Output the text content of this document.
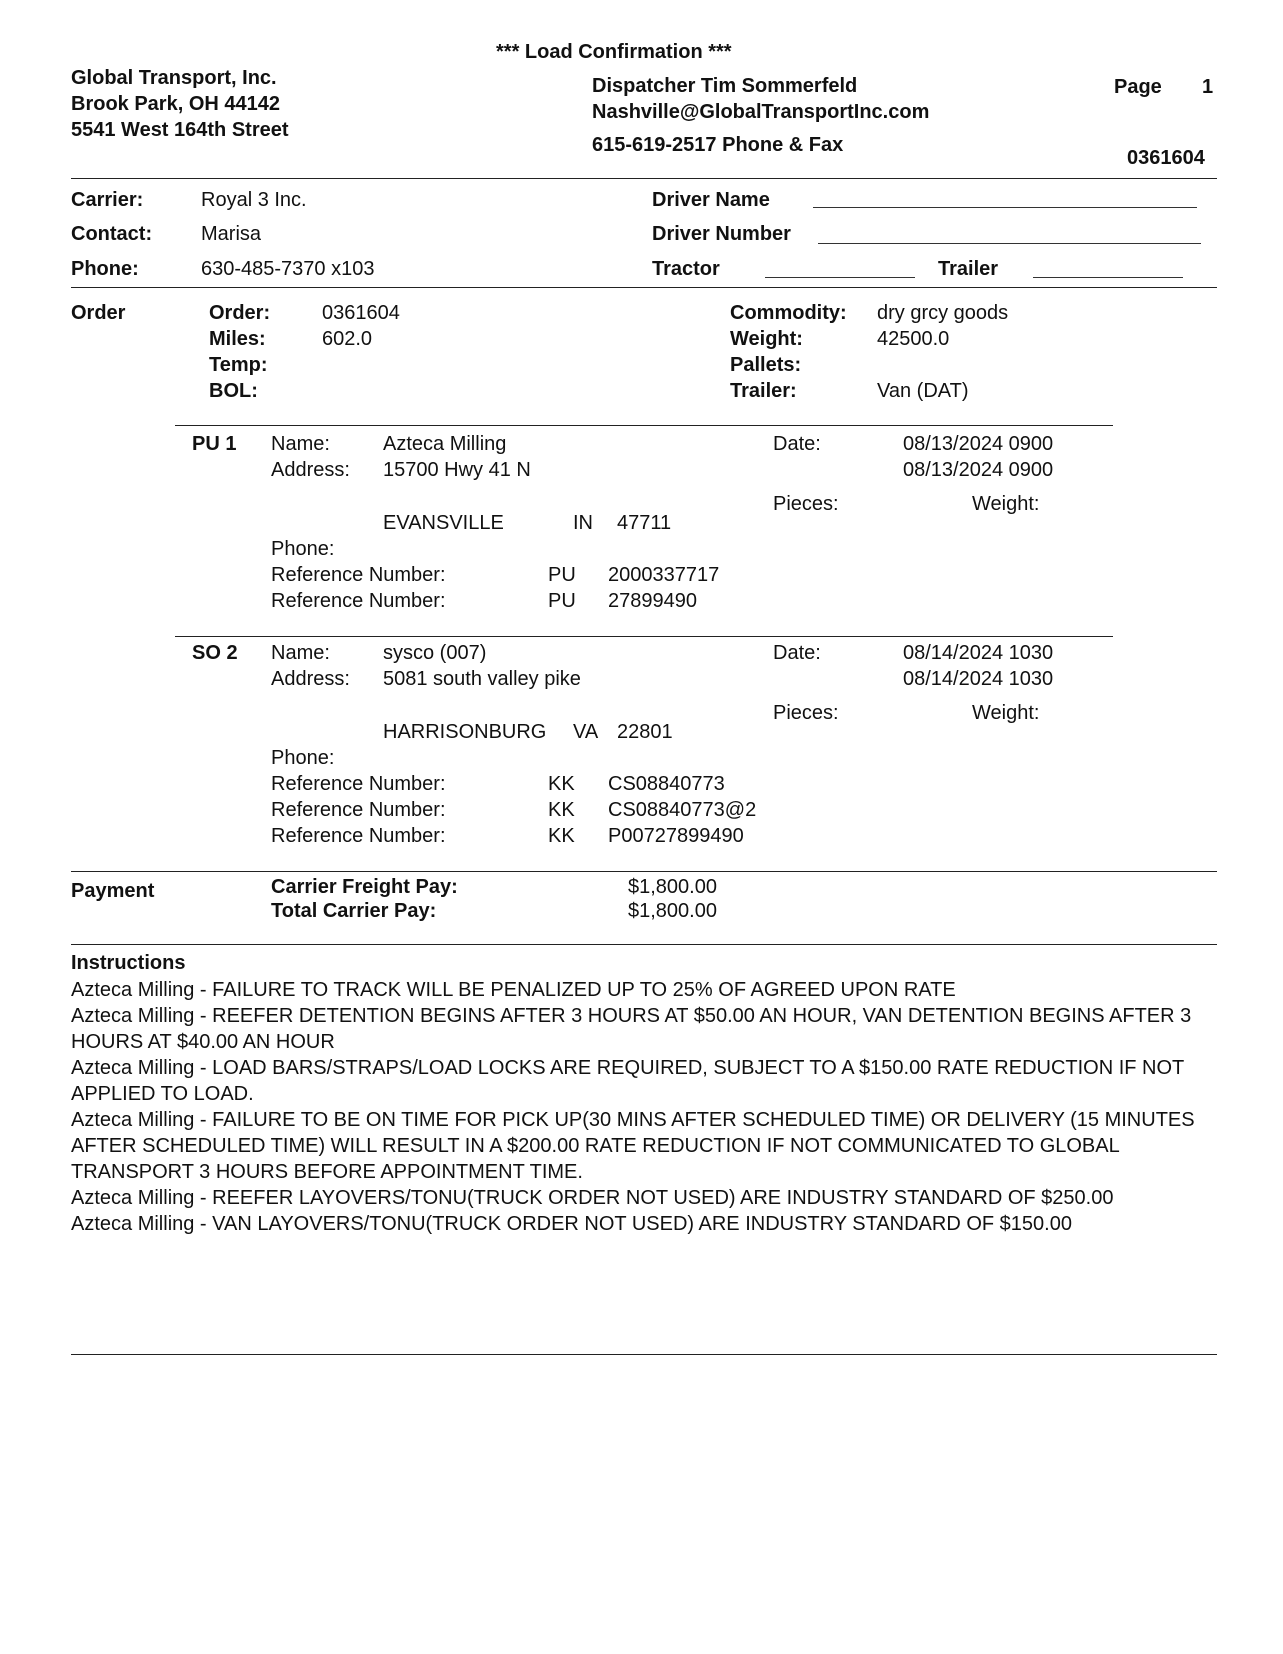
*** Load Confirmation ***
Global Transport, Inc.
Brook Park, OH 44142
5541 West 164th Street
Dispatcher Tim Sommerfeld
Nashville@GlobalTransportInc.com
615-619-2517 Phone & Fax
Page 1
0361604
Carrier:	Royal 3 Inc.
Contact: Marisa
Phone:	630-485-7370 x103
Driver Name
Driver Number
Tractor	Trailer
Order	Order:	0361604
Miles:	602.0
Temp:
BOL:
Commodity: dry grcy goods
Weight:	42500.0
Pallets:
Trailer:	Van (DAT)
PU 1 Name:	Azteca Milling
Address: 15700 Hwy 41 N
EVANSVILLE	IN 47711
Phone:
Reference Number:	PU 2000337717
Reference Number:	PU 27899490
Date:	08/13/2024 0900
08/13/2024 0900
Pieces:	Weight:
SO 2 Name:	sysco (007)
Address: 5081 south valley pike
HARRISONBURG VA 22801
Phone:
Reference Number:	KK CS08840773
Reference Number:	KK CS08840773@2
Reference Number:	KK P00727899490
Date:	08/14/2024 1030
08/14/2024 1030
Pieces:	Weight:
Payment	Carrier Freight Pay:	$1,800.00
Total Carrier Pay:	$1,800.00
Instructions
Azteca Milling - FAILURE TO TRACK WILL BE PENALIZED UP TO 25% OF AGREED UPON RATE
Azteca Milling - REEFER DETENTION BEGINS AFTER 3 HOURS AT $50.00 AN HOUR, VAN DETENTION BEGINS AFTER 3 HOURS AT $40.00 AN HOUR
Azteca Milling - LOAD BARS/STRAPS/LOAD LOCKS ARE REQUIRED, SUBJECT TO A $150.00 RATE REDUCTION IF NOT APPLIED TO LOAD.
Azteca Milling - FAILURE TO BE ON TIME FOR PICK UP(30 MINS AFTER SCHEDULED TIME) OR DELIVERY (15 MINUTES AFTER SCHEDULED TIME) WILL RESULT IN A $200.00 RATE REDUCTION IF NOT COMMUNICATED TO GLOBAL TRANSPORT 3 HOURS BEFORE APPOINTMENT TIME.
Azteca Milling - REEFER LAYOVERS/TONU(TRUCK ORDER NOT USED) ARE INDUSTRY STANDARD OF $250.00
Azteca Milling - VAN LAYOVERS/TONU(TRUCK ORDER NOT USED) ARE INDUSTRY STANDARD OF $150.00
